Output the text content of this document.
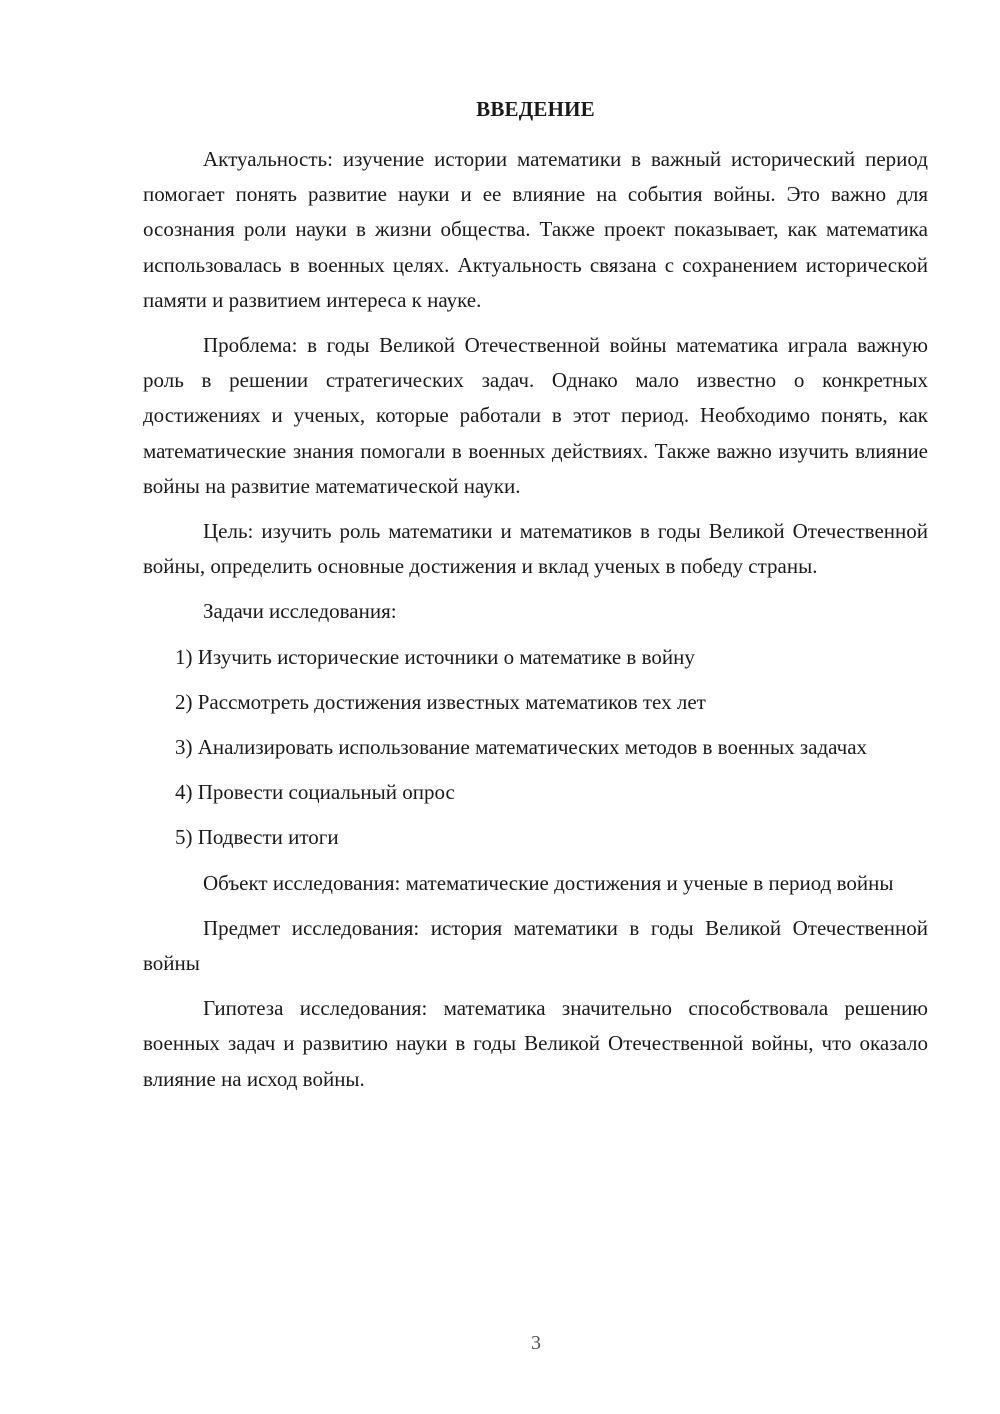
ВВЕДЕНИЕ

Актуальность: изучение истории математики в важный исторический период помогает понять развитие науки и ее влияние на события войны. Это важно для осознания роли науки в жизни общества. Также проект показывает, как математика использовалась в военных целях. Актуальность связана с сохранением исторической памяти и развитием интереса к науке.

Проблема: в годы Великой Отечественной войны математика играла важную роль в решении стратегических задач. Однако мало известно о конкретных достижениях и ученых, которые работали в этот период. Необходимо понять, как математические знания помогали в военных действиях. Также важно изучить влияние войны на развитие математической науки.

Цель: изучить роль математики и математиков в годы Великой Отечественной войны, определить основные достижения и вклад ученых в победу страны.

Задачи исследования:

1) Изучить исторические источники о математике в войну

2) Рассмотреть достижения известных математиков тех лет

3) Анализировать использование математических методов в военных задачах

4) Провести социальный опрос

5) Подвести итоги

Объект исследования: математические достижения и ученые в период войны

Предмет исследования: история математики в годы Великой Отечественной войны

Гипотеза исследования: математика значительно способствовала решению военных задач и развитию науки в годы Великой Отечественной войны, что оказало влияние на исход войны.

3
